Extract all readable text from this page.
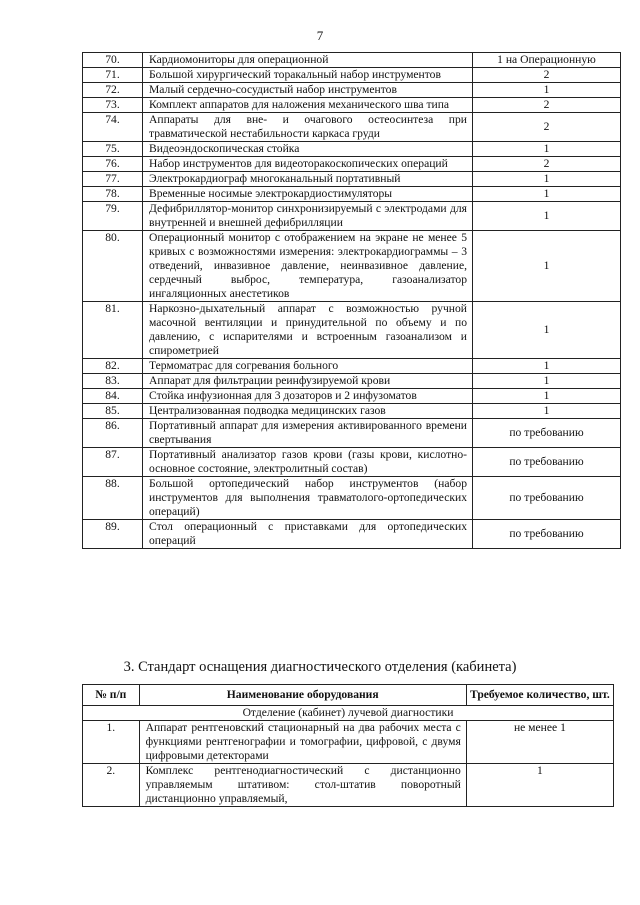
7
70.	Кардиомониторы для операционной	1 на Операционную
71.	Большой хирургический торакальный набор инструментов	2
72.	Малый сердечно-сосудистый набор инструментов	1
73.	Комплект аппаратов для наложения механического шва типа	2
74.	Аппараты для вне- и очагового остеосинтеза при травматической нестабильности каркаса груди	2
75.	Видеоэндоскопическая стойка	1
76.	Набор инструментов для видеоторакоскопических операций	2
77.	Электрокардиограф многоканальный портативный	1
78.	Временные носимые электрокардиостимуляторы	1
79.	Дефибриллятор-монитор синхронизируемый с электродами для внутренней и внешней дефибрилляции	1
80.	Операционный монитор с отображением на экране не менее 5 кривых с возможностями измерения: электрокардиограммы – 3 отведений, инвазивное давление, неинвазивное давление, сердечный выброс, температура, газоанализатор ингаляционных анестетиков	1
81.	Наркозно-дыхательный аппарат с возможностью ручной масочной вентиляции и принудительной по объему и по давлению, с испарителями и встроенным газоанализом и спирометрией	1
82.	Термоматрас для согревания больного	1
83.	Аппарат для фильтрации реинфузируемой крови	1
84.	Стойка инфузионная для 3 дозаторов и 2 инфузоматов	1
85.	Централизованная подводка медицинских газов	1
86.	Портативный аппарат для измерения активированного времени свертывания	по требованию
87.	Портативный анализатор газов крови (газы крови, кислотно-основное состояние, электролитный состав)	по требованию
88.	Большой ортопедический набор инструментов (набор инструментов для выполнения травматолого-ортопедических операций)	по требованию
89.	Стол операционный с приставками для ортопедических операций	по требованию
3. Стандарт оснащения диагностического отделения (кабинета)
№ п/п	Наименование оборудования	Требуемое количество, шт.
Отделение (кабинет) лучевой диагностики		
1.	Аппарат рентгеновский стационарный на два рабочих места с функциями рентгенографии и томографии, цифровой, с двумя цифровыми детекторами	не менее 1
2.	Комплекс рентгенодиагностический с дистанционно управляемым штативом: стол-штатив поворотный дистанционно управляемый,	1
